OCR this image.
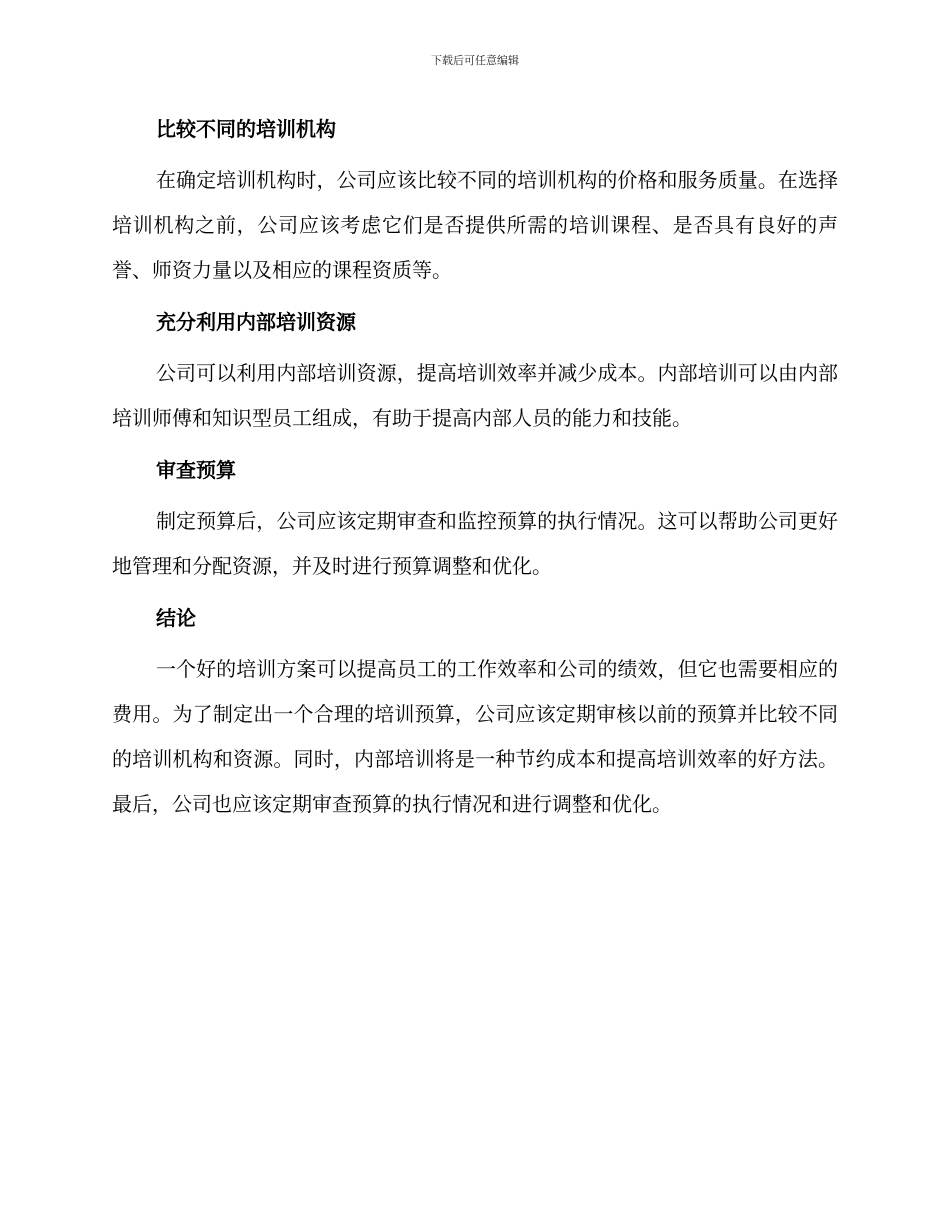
下载后可任意编辑
比较不同的培训机构

在确定培训机构时，公司应该比较不同的培训机构的价格和服务质量。在选择培训机构之前，公司应该考虑它们是否提供所需的培训课程、是否具有良好的声誉、师资力量以及相应的课程资质等。

充分利用内部培训资源

公司可以利用内部培训资源，提高培训效率并减少成本。内部培训可以由内部培训师傅和知识型员工组成，有助于提高内部人员的能力和技能。

审查预算

制定预算后，公司应该定期审查和监控预算的执行情况。这可以帮助公司更好地管理和分配资源，并及时进行预算调整和优化。

结论

一个好的培训方案可以提高员工的工作效率和公司的绩效，但它也需要相应的费用。为了制定出一个合理的培训预算，公司应该定期审核以前的预算并比较不同的培训机构和资源。同时，内部培训将是一种节约成本和提高培训效率的好方法。最后，公司也应该定期审查预算的执行情况和进行调整和优化。
